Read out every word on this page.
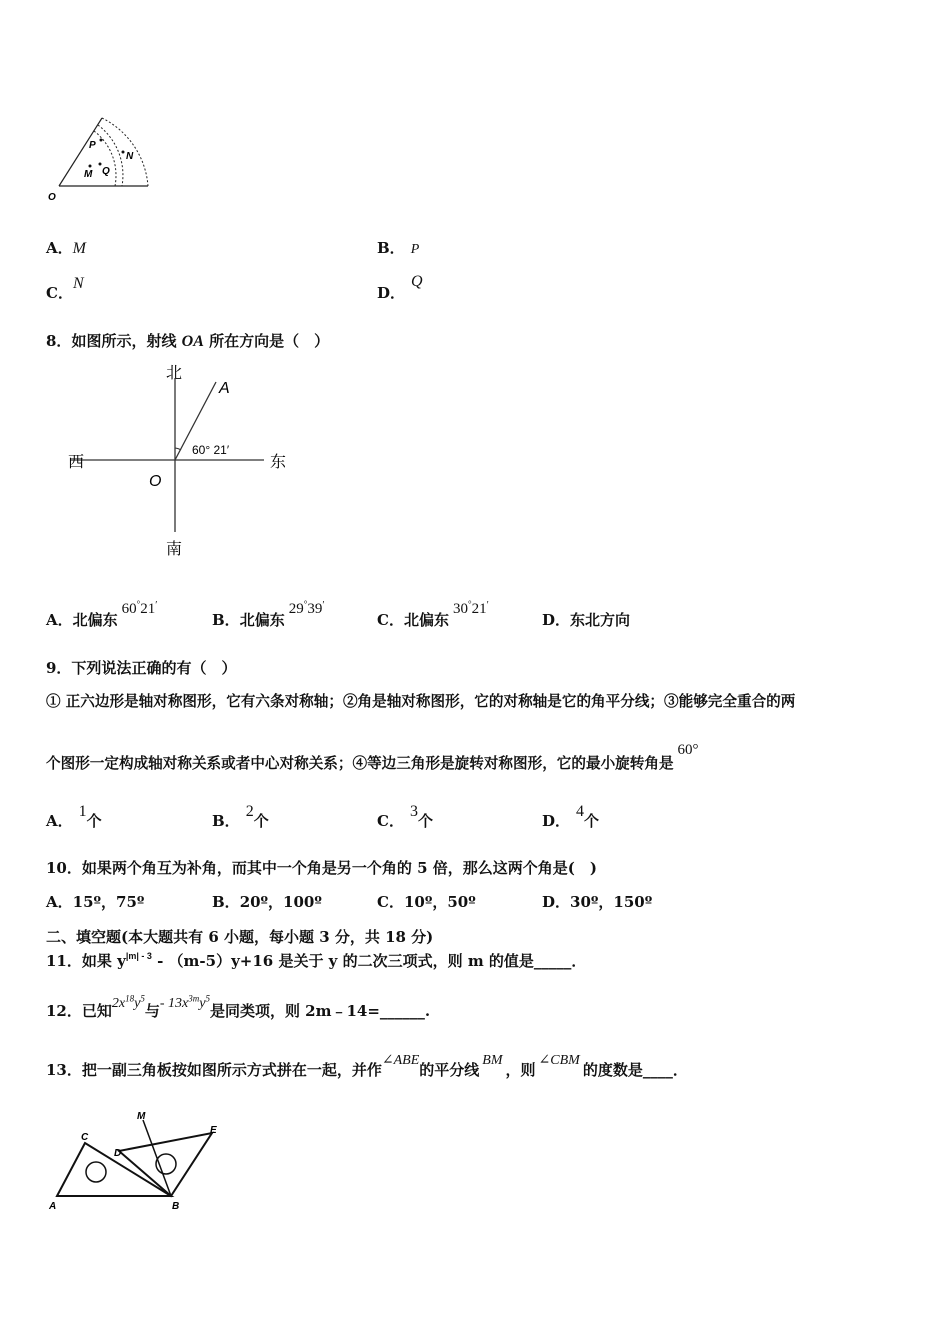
O
P
N
M Q
A．M	B． P
C．N
D．Q
8．如图所示，射线 OA 所在方向是（　）
北
南
西	东
O
A
60° 21′
A．北偏东60°21′
B．北偏东29°39′
C．北偏东30°21′
D．东北方向
9．下列说法正确的有（　）
① 正六边形是轴对称图形，它有六条对称轴；②角是轴对称图形，它的对称轴是它的角平分线；③能够完全重合的两
个图形一定构成轴对称关系或者中心对称关系；④等边三角形是旋转对称图形，它的最小旋转角是60°
A．1个	B．2个	C．3个	D．4个
10．如果两个角互为补角，而其中一个角是另一个角的 5 倍，那么这两个角是(　)
A．15º，75º	B．20º，100º	C．10º，50º	D．30º，150º
二、填空题(本大题共有 6 小题，每小题 3 分，共 18 分)
11．如果 $y^{|m| - 3} - (m-5)y+16$ 是关于 y 的二次三项式，则 m 的值是_____．
12．已知$2x^{18}y^5$与- $13x^{3m}y^5$是同类项，则 2m﹣14=______.
13．把一副三角板按如图所示方式拼在一起，并作∠ABE的平分线BM，则∠CBM的度数是____．
M
C
D
E
A	B
